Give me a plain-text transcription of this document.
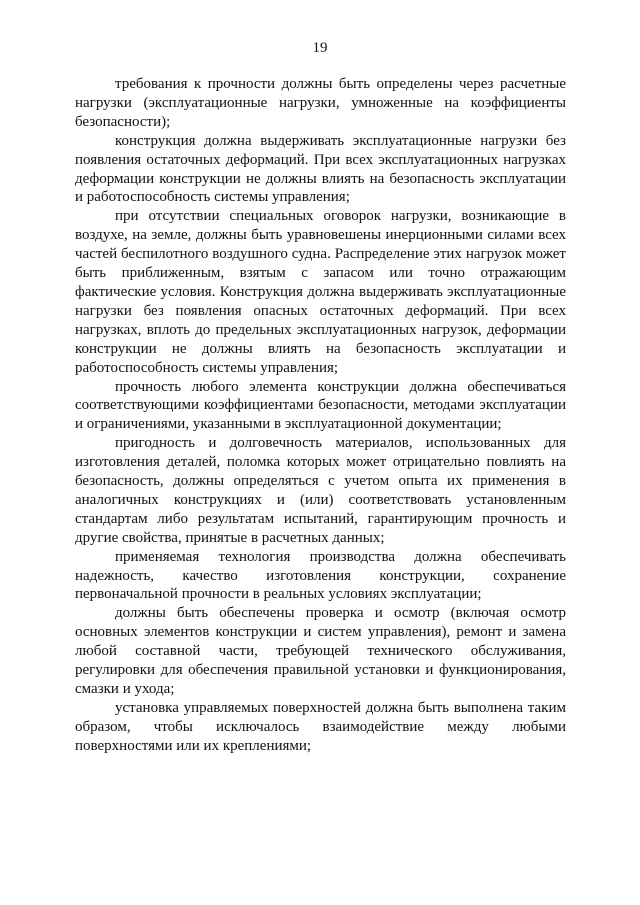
19

требования к прочности должны быть определены через расчетные нагрузки (эксплуатационные нагрузки, умноженные на коэффициенты безопасности);

конструкция должна выдерживать эксплуатационные нагрузки без появления остаточных деформаций. При всех эксплуатационных нагрузках деформации конструкции не должны влиять на безопасность эксплуатации и работоспособность системы управления;

при отсутствии специальных оговорок нагрузки, возникающие в воздухе, на земле, должны быть уравновешены инерционными силами всех частей беспилотного воздушного судна. Распределение этих нагрузок может быть приближенным, взятым с запасом или точно отражающим фактические условия. Конструкция должна выдерживать эксплуатационные нагрузки без появления опасных остаточных деформаций. При всех нагрузках, вплоть до предельных эксплуатационных нагрузок, деформации конструкции не должны влиять на безопасность эксплуатации и работоспособность системы управления;

прочность любого элемента конструкции должна обеспечиваться соответствующими коэффициентами безопасности, методами эксплуатации и ограничениями, указанными в эксплуатационной документации;

пригодность и долговечность материалов, использованных для изготовления деталей, поломка которых может отрицательно повлиять на безопасность, должны определяться с учетом опыта их применения в аналогичных конструкциях и (или) соответствовать установленным стандартам либо результатам испытаний, гарантирующим прочность и другие свойства, принятые в расчетных данных;

применяемая технология производства должна обеспечивать надежность, качество изготовления конструкции, сохранение первоначальной прочности в реальных условиях эксплуатации;

должны быть обеспечены проверка и осмотр (включая осмотр основных элементов конструкции и систем управления), ремонт и замена любой составной части, требующей технического обслуживания, регулировки для обеспечения правильной установки и функционирования, смазки и ухода;

установка управляемых поверхностей должна быть выполнена таким образом, чтобы исключалось взаимодействие между любыми поверхностями или их креплениями;
